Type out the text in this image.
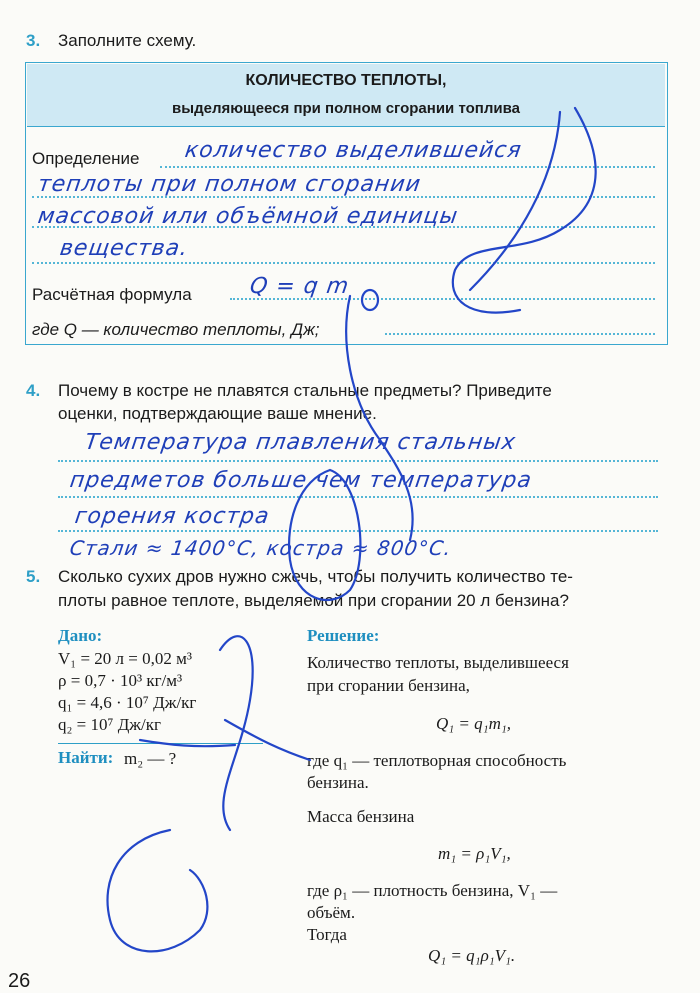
3. Заполните схему.
КОЛИЧЕСТВО ТЕПЛОТЫ,
выделяющееся при полном сгорании топлива
Определение количество выделившейся
теплоты при полном сгорании
массовой или объёмной единицы
вещества.
Расчётная формула	Q = q m
где Q — количество теплоты, Дж;
4. Почему в костре не плавятся стальные предметы? Приведите
оценки, подтверждающие ваше мнение.
Температура плавления стальных
предметов больше чем температура
горения костра
Стали ≈ 1400°С, костра ≈ 800°С.
5. Сколько сухих дров нужно сжечь, чтобы получить количество те-
плоты равное теплоте, выделяемой при сгорании 20 л бензина?
Дано:
V₁ = 20 л = 0,02 м³
ρ = 0,7 · 10³ кг/м³
q₁ = 4,6 · 10⁷ Дж/кг
q₂ = 10⁷ Дж/кг
Найти: m₂ — ?
Решение:
Количество теплоты, выделившееся
при сгорании бензина,
Q₁ = q₁m₁,
где q₁ — теплотворная способность
бензина.
Масса бензина
m₁ = ρ₁V₁,
где ρ₁ — плотность бензина, V₁ —
объём.
Тогда
Q₁ = q₁ρ₁V₁.
26
